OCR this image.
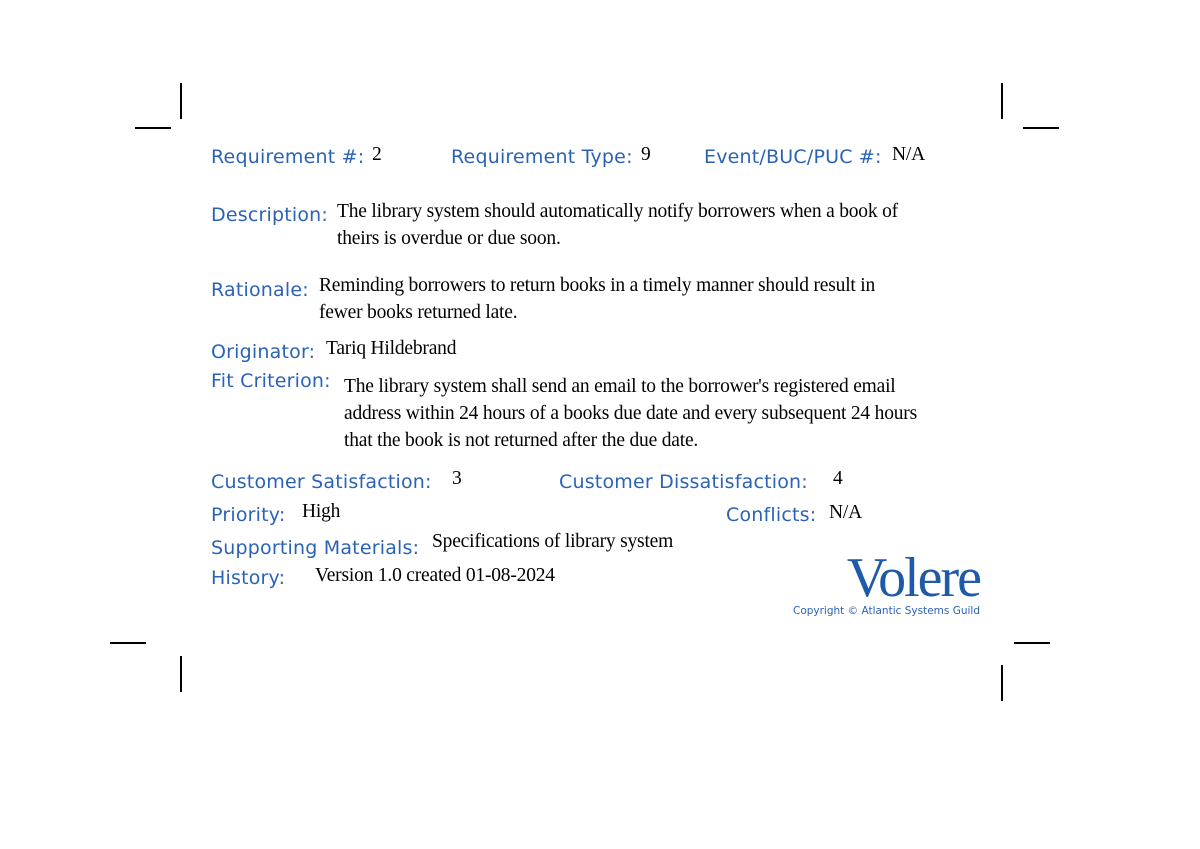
Requirement #: 2	Requirement Type: 9	Event/BUC/PUC #: N/A
Description: The library system should automatically notify borrowers when a book of
theirs is overdue or due soon.
Rationale: Reminding borrowers to return books in a timely manner should result in
fewer books returned late.
Originator: Tariq Hildebrand
Fit Criterion: The library system shall send an email to the borrower's registered email
address within 24 hours of a books due date and every subsequent 24 hours
that the book is not returned after the due date.
Customer Satisfaction: 3	Customer Dissatisfaction: 4
Priority: High	Conflicts: N/A
Supporting Materials: Specifications of library system
History: Version 1.0 created 01-08-2024	Volere
Copyright © Atlantic Systems Guild
